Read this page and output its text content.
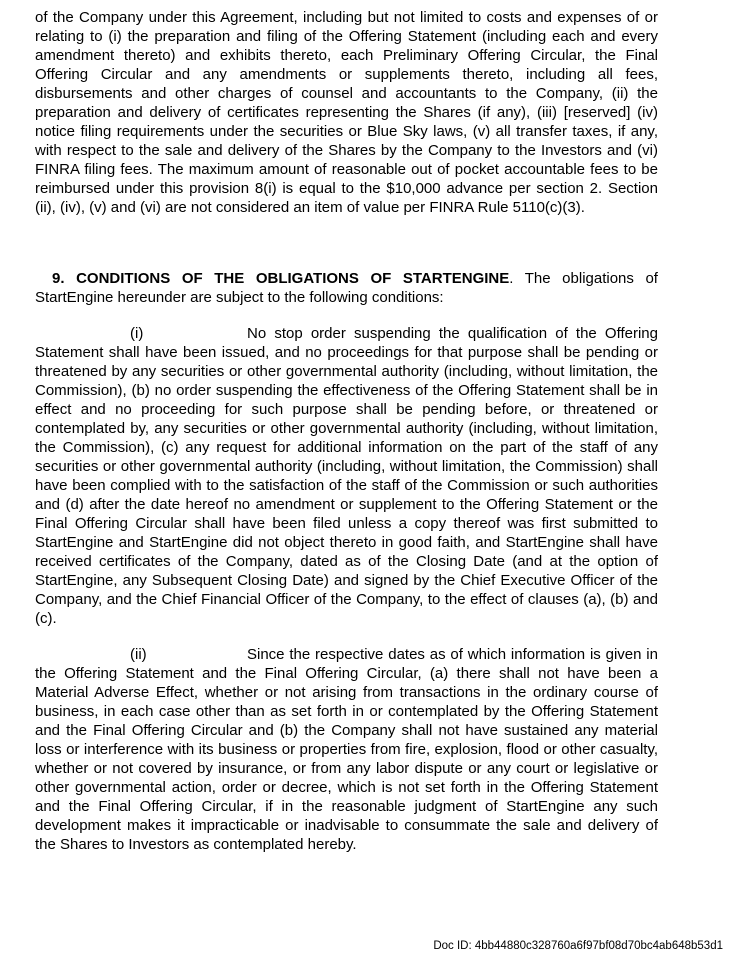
of the Company under this Agreement, including but not limited to costs and expenses of or relating to (i) the preparation and filing of the Offering Statement (including each and every amendment thereto) and exhibits thereto, each Preliminary Offering Circular, the Final Offering Circular and any amendments or supplements thereto, including all fees, disbursements and other charges of counsel and accountants to the Company, (ii) the preparation and delivery of certificates representing the Shares (if any), (iii) [reserved] (iv) notice filing requirements under the securities or Blue Sky laws, (v) all transfer taxes, if any, with respect to the sale and delivery of the Shares by the Company to the Investors and (vi) FINRA filing fees. The maximum amount of reasonable out of pocket accountable fees to be reimbursed under this provision 8(i) is equal to the $10,000 advance per section 2. Section (ii), (iv), (v) and (vi) are not considered an item of value per FINRA Rule 5110(c)(3).

9. CONDITIONS OF THE OBLIGATIONS OF STARTENGINE. The obligations of StartEngine hereunder are subject to the following conditions:

(i)	No stop order suspending the qualification of the Offering Statement shall have been issued, and no proceedings for that purpose shall be pending or threatened by any securities or other governmental authority (including, without limitation, the Commission), (b) no order suspending the effectiveness of the Offering Statement shall be in effect and no proceeding for such purpose shall be pending before, or threatened or contemplated by, any securities or other governmental authority (including, without limitation, the Commission), (c) any request for additional information on the part of the staff of any securities or other governmental authority (including, without limitation, the Commission) shall have been complied with to the satisfaction of the staff of the Commission or such authorities and (d) after the date hereof no amendment or supplement to the Offering Statement or the Final Offering Circular shall have been filed unless a copy thereof was first submitted to StartEngine and StartEngine did not object thereto in good faith, and StartEngine shall have received certificates of the Company, dated as of the Closing Date (and at the option of StartEngine, any Subsequent Closing Date) and signed by the Chief Executive Officer of the Company, and the Chief Financial Officer of the Company, to the effect of clauses (a), (b) and (c).

(ii)	Since the respective dates as of which information is given in the Offering Statement and the Final Offering Circular, (a) there shall not have been a Material Adverse Effect, whether or not arising from transactions in the ordinary course of business, in each case other than as set forth in or contemplated by the Offering Statement and the Final Offering Circular and (b) the Company shall not have sustained any material loss or interference with its business or properties from fire, explosion, flood or other casualty, whether or not covered by insurance, or from any labor dispute or any court or legislative or other governmental action, order or decree, which is not set forth in the Offering Statement and the Final Offering Circular, if in the reasonable judgment of StartEngine any such development makes it impracticable or inadvisable to consummate the sale and delivery of the Shares to Investors as contemplated hereby.

Doc ID: 4bb44880c328760a6f97bf08d70bc4ab648b53d1
